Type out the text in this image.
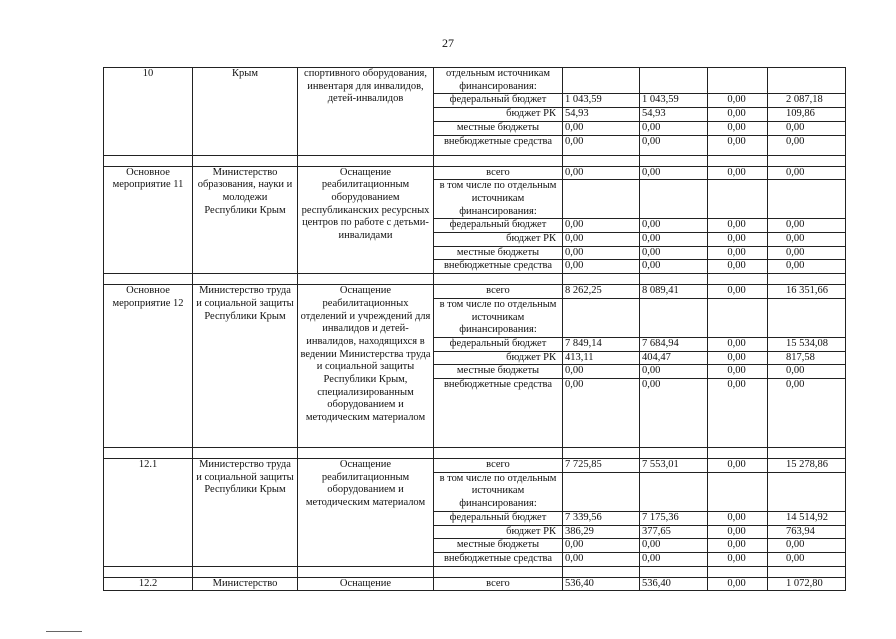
27
10	Крым	спортивного оборудования, инвентаря для инвалидов, детей-инвалидов	отдельным источникам финансирования:				
			федеральный бюджет	1 043,59	1 043,59	0,00	2 087,18
			бюджет РК	54,93	54,93	0,00	109,86
			местные бюджеты	0,00	0,00	0,00	0,00
			внебюджетные средства	0,00	0,00	0,00	0,00

Основное мероприятие 11	Министерство образования, науки и молодежи Республики Крым	Оснащение реабилитационным оборудованием республиканских ресурсных центров по работе с детьми-инвалидами	всего	0,00	0,00	0,00	0,00
			в том числе по отдельным источникам финансирования:				
			федеральный бюджет	0,00	0,00	0,00	0,00
			бюджет РК	0,00	0,00	0,00	0,00
			местные бюджеты	0,00	0,00	0,00	0,00
			внебюджетные средства	0,00	0,00	0,00	0,00

Основное мероприятие 12	Министерство труда и социальной защиты Республики Крым	Оснащение реабилитационных отделений и учреждений для инвалидов и детей-инвалидов, находящихся в ведении Министерства труда и социальной защиты Республики Крым, специализированным оборудованием и методическим материалом	всего	8 262,25	8 089,41	0,00	16 351,66
			в том числе по отдельным источникам финансирования:				
			федеральный бюджет	7 849,14	7 684,94	0,00	15 534,08
			бюджет РК	413,11	404,47	0,00	817,58
			местные бюджеты	0,00	0,00	0,00	0,00
			внебюджетные средства	0,00	0,00	0,00	0,00

12.1	Министерство труда и социальной защиты Республики Крым	Оснащение реабилитационным оборудованием и методическим материалом	всего	7 725,85	7 553,01	0,00	15 278,86
			в том числе по отдельным источникам финансирования:				
			федеральный бюджет	7 339,56	7 175,36	0,00	14 514,92
			бюджет РК	386,29	377,65	0,00	763,94
			местные бюджеты	0,00	0,00	0,00	0,00
			внебюджетные средства	0,00	0,00	0,00	0,00

12.2	Министерство	Оснащение	всего	536,40	536,40	0,00	1 072,80
